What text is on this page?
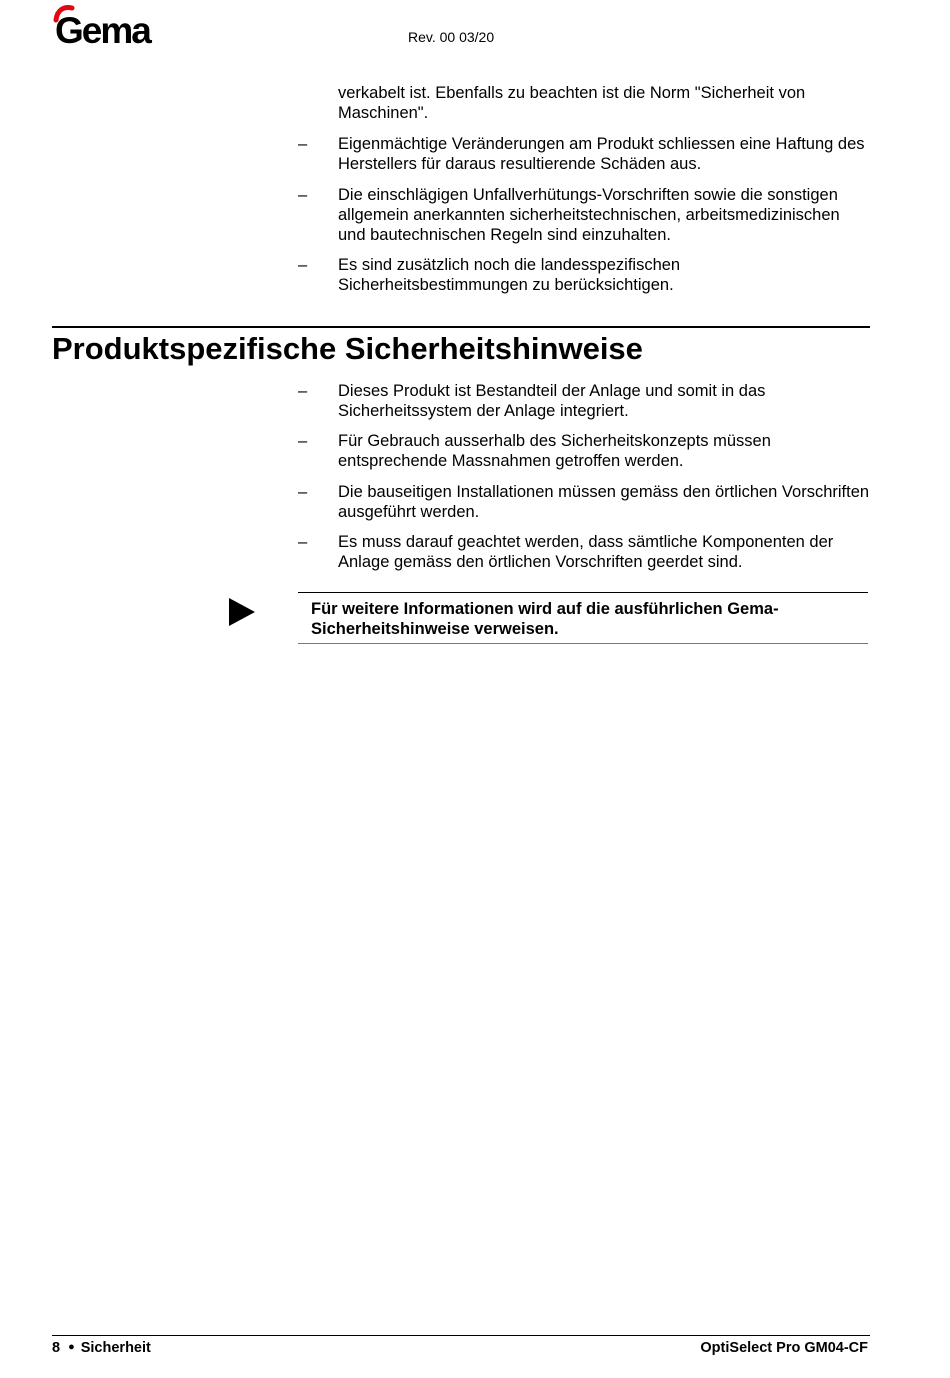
Gema	Rev. 00 03/20
verkabelt ist. Ebenfalls zu beachten ist die Norm "Sicherheit von Maschinen".
–	Eigenmächtige Veränderungen am Produkt schliessen eine Haftung des Herstellers für daraus resultierende Schäden aus.
–	Die einschlägigen Unfallverhütungs-Vorschriften sowie die sonstigen allgemein anerkannten sicherheitstechnischen, arbeitsmedizinischen und bautechnischen Regeln sind einzuhalten.
–	Es sind zusätzlich noch die landesspezifischen Sicherheitsbestimmungen zu berücksichtigen.
Produktspezifische Sicherheitshinweise
–	Dieses Produkt ist Bestandteil der Anlage und somit in das Sicherheitssystem der Anlage integriert.
–	Für Gebrauch ausserhalb des Sicherheitskonzepts müssen entsprechende Massnahmen getroffen werden.
–	Die bauseitigen Installationen müssen gemäss den örtlichen Vorschriften ausgeführt werden.
–	Es muss darauf geachtet werden, dass sämtliche Komponenten der Anlage gemäss den örtlichen Vorschriften geerdet sind.
Für weitere Informationen wird auf die ausführlichen Gema-Sicherheitshinweise verweisen.
8 ● Sicherheit	OptiSelect Pro GM04-CF
